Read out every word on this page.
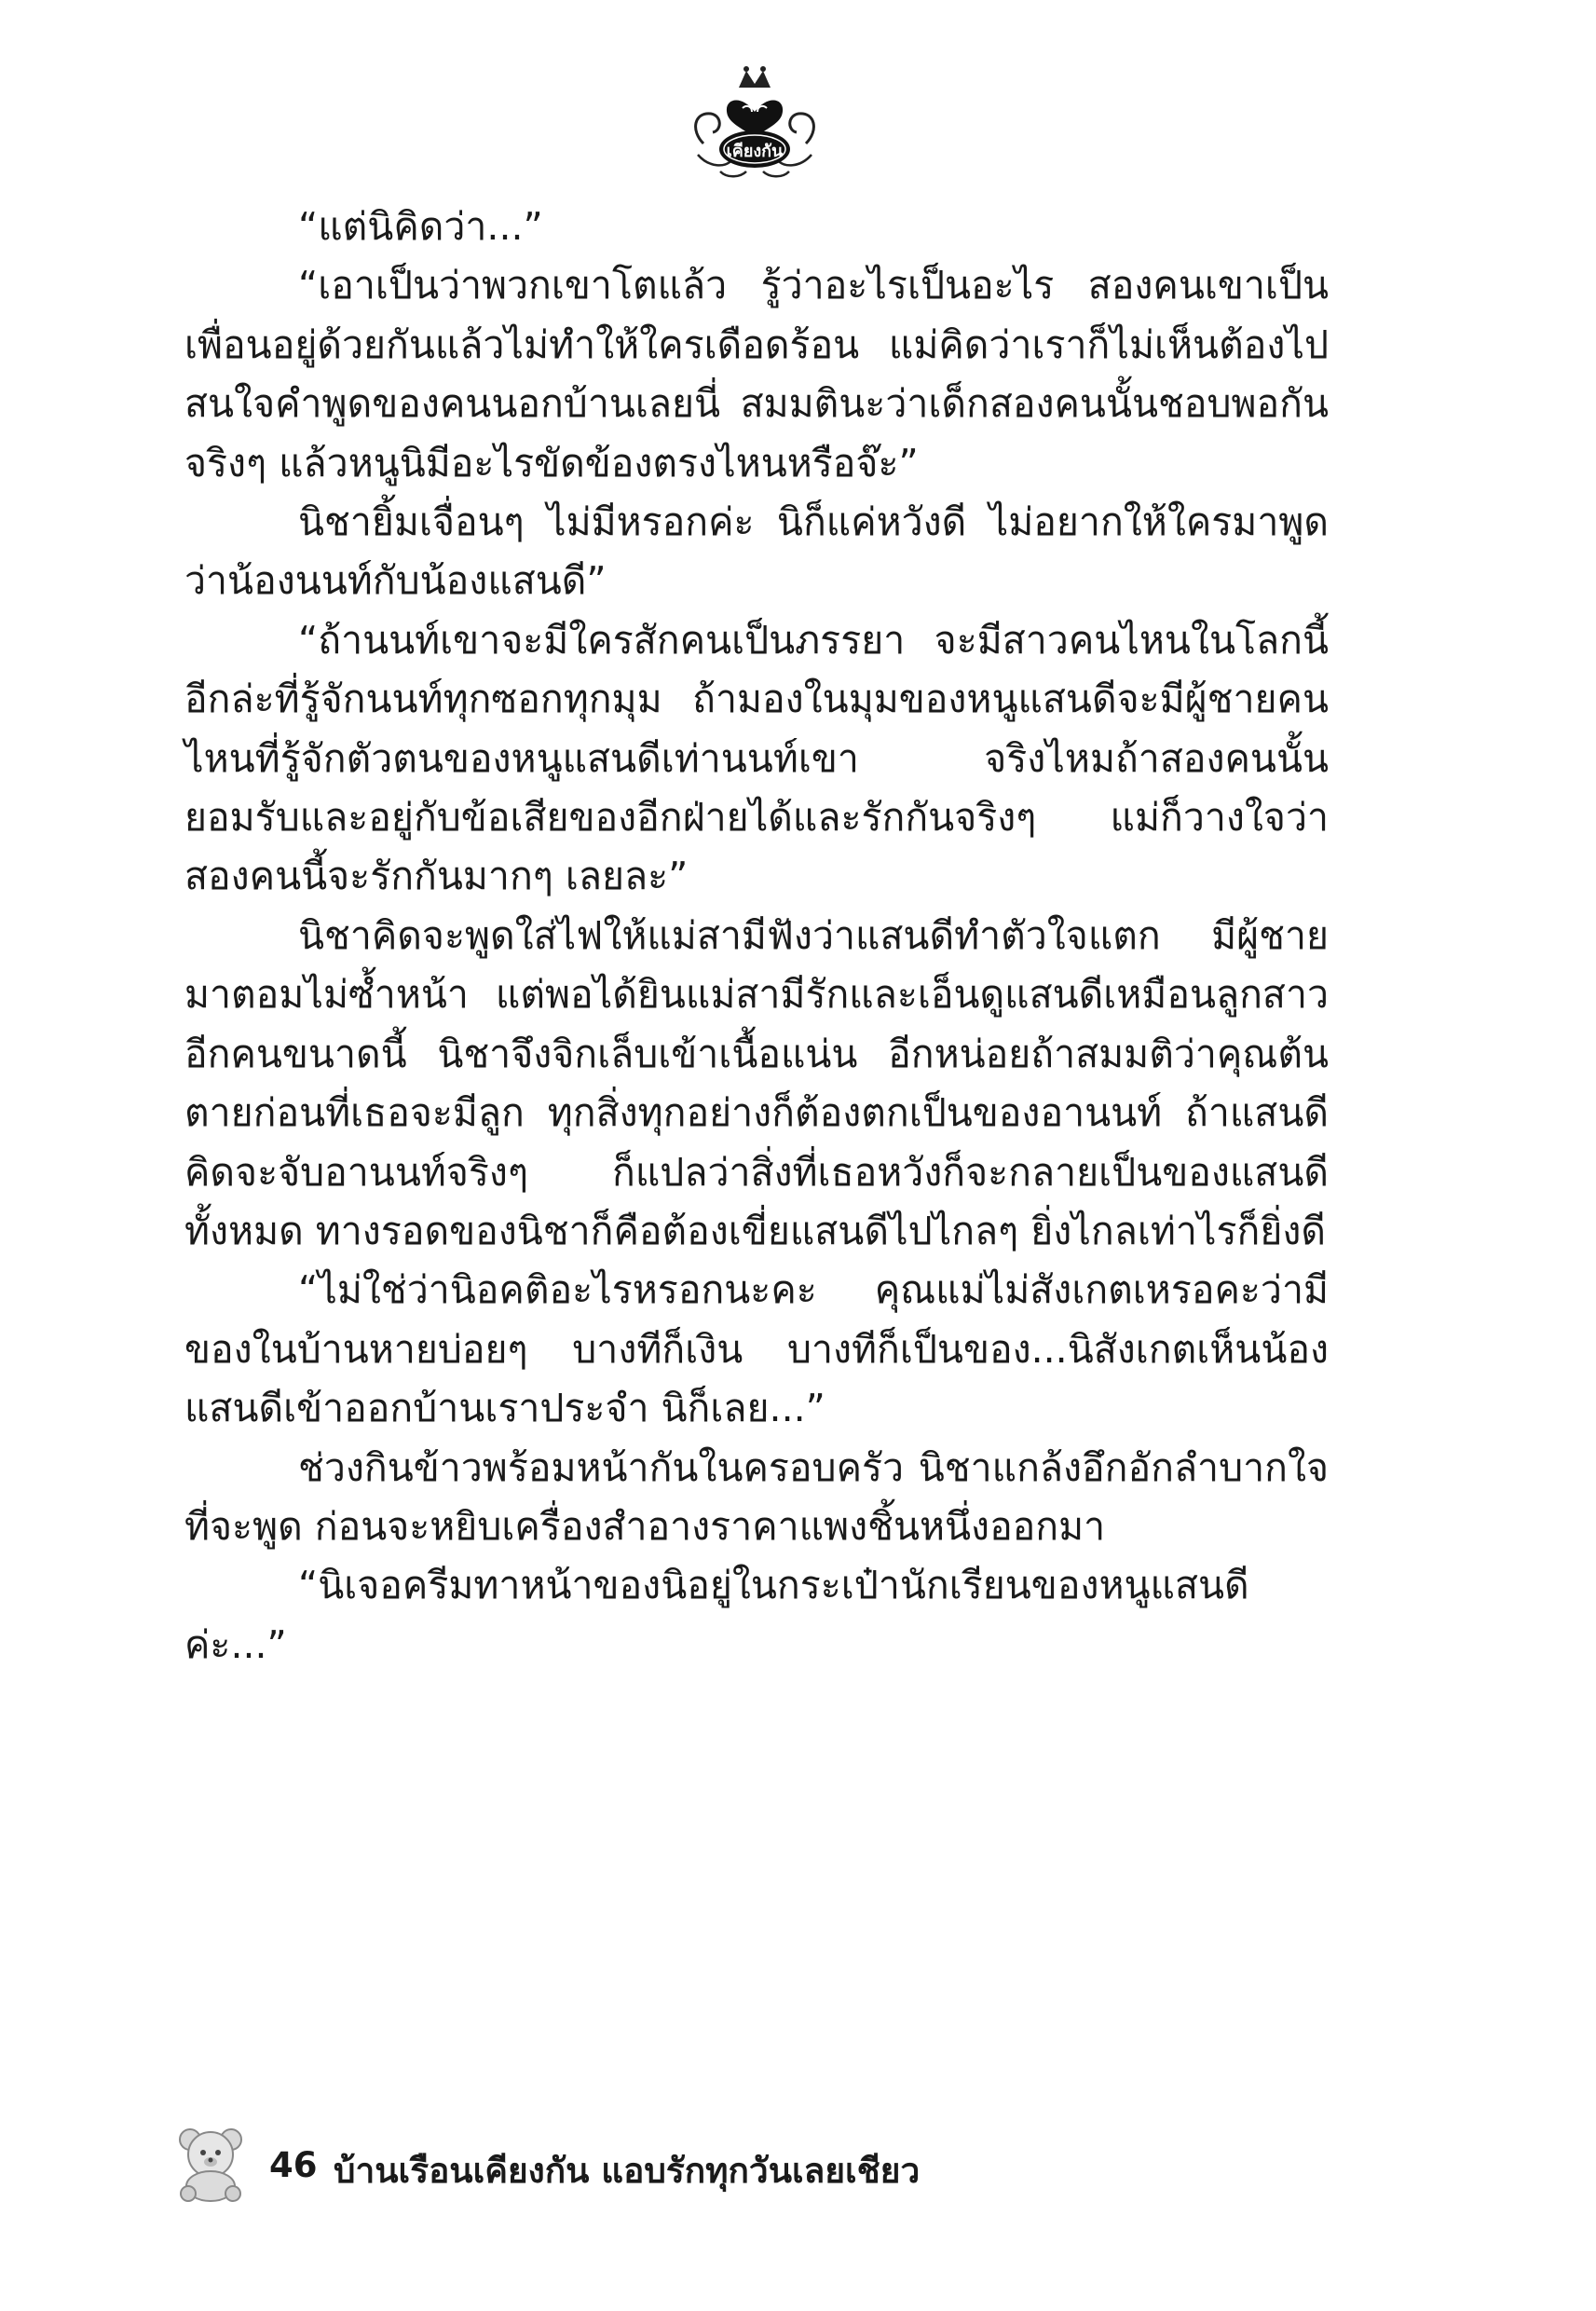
เคียงกัน

“แต่นิคิดว่า...”

“เอาเป็นว่าพวกเขาโตแล้ว รู้ว่าอะไรเป็นอะไร สองคนเขาเป็นเพื่อนอยู่ด้วยกันแล้วไม่ทำให้ใครเดือดร้อน แม่คิดว่าเราก็ไม่เห็นต้องไปสนใจคำพูดของคนนอกบ้านเลยนี่ สมมตินะว่าเด็กสองคนนั้นชอบพอกันจริงๆ แล้วหนูนิมีอะไรขัดข้องตรงไหนหรือจ๊ะ”

นิชายิ้มเจื่อนๆ ไม่มีหรอกค่ะ นิก็แค่หวังดี ไม่อยากให้ใครมาพูดว่าน้องนนท์กับน้องแสนดี”

“ถ้านนท์เขาจะมีใครสักคนเป็นภรรยา จะมีสาวคนไหนในโลกนี้อีกล่ะที่รู้จักนนท์ทุกซอกทุกมุม ถ้ามองในมุมของหนูแสนดีจะมีผู้ชายคนไหนที่รู้จักตัวตนของหนูแสนดีเท่านนท์เขา จริงไหมถ้าสองคนนั้นยอมรับและอยู่กับข้อเสียของอีกฝ่ายได้และรักกันจริงๆ แม่ก็วางใจว่าสองคนนี้จะรักกันมากๆ เลยละ”

นิชาคิดจะพูดใส่ไฟให้แม่สามีฟังว่าแสนดีทำตัวใจแตก มีผู้ชายมาตอมไม่ซ้ำหน้า แต่พอได้ยินแม่สามีรักและเอ็นดูแสนดีเหมือนลูกสาวอีกคนขนาดนี้ นิชาจึงจิกเล็บเข้าเนื้อแน่น อีกหน่อยถ้าสมมติว่าคุณต้นตายก่อนที่เธอจะมีลูก ทุกสิ่งทุกอย่างก็ต้องตกเป็นของอานนท์ ถ้าแสนดีคิดจะจับอานนท์จริงๆ ก็แปลว่าสิ่งที่เธอหวังก็จะกลายเป็นของแสนดีทั้งหมด ทางรอดของนิชาก็คือต้องเขี่ยแสนดีไปไกลๆ ยิ่งไกลเท่าไรก็ยิ่งดี

“ไม่ใช่ว่านิอคติอะไรหรอกนะคะ คุณแม่ไม่สังเกตเหรอคะว่ามีของในบ้านหายบ่อยๆ บางทีก็เงิน บางทีก็เป็นของ...นิสังเกตเห็นน้องแสนดีเข้าออกบ้านเราประจำ นิก็เลย...”

ช่วงกินข้าวพร้อมหน้ากันในครอบครัว นิชาแกล้งอึกอักลำบากใจที่จะพูด ก่อนจะหยิบเครื่องสำอางราคาแพงชิ้นหนึ่งออกมา

“นิเจอครีมทาหน้าของนิอยู่ในกระเป๋านักเรียนของหนูแสนดีค่ะ...”

46 บ้านเรือนเคียงกัน แอบรักทุกวันเลยเชียว
